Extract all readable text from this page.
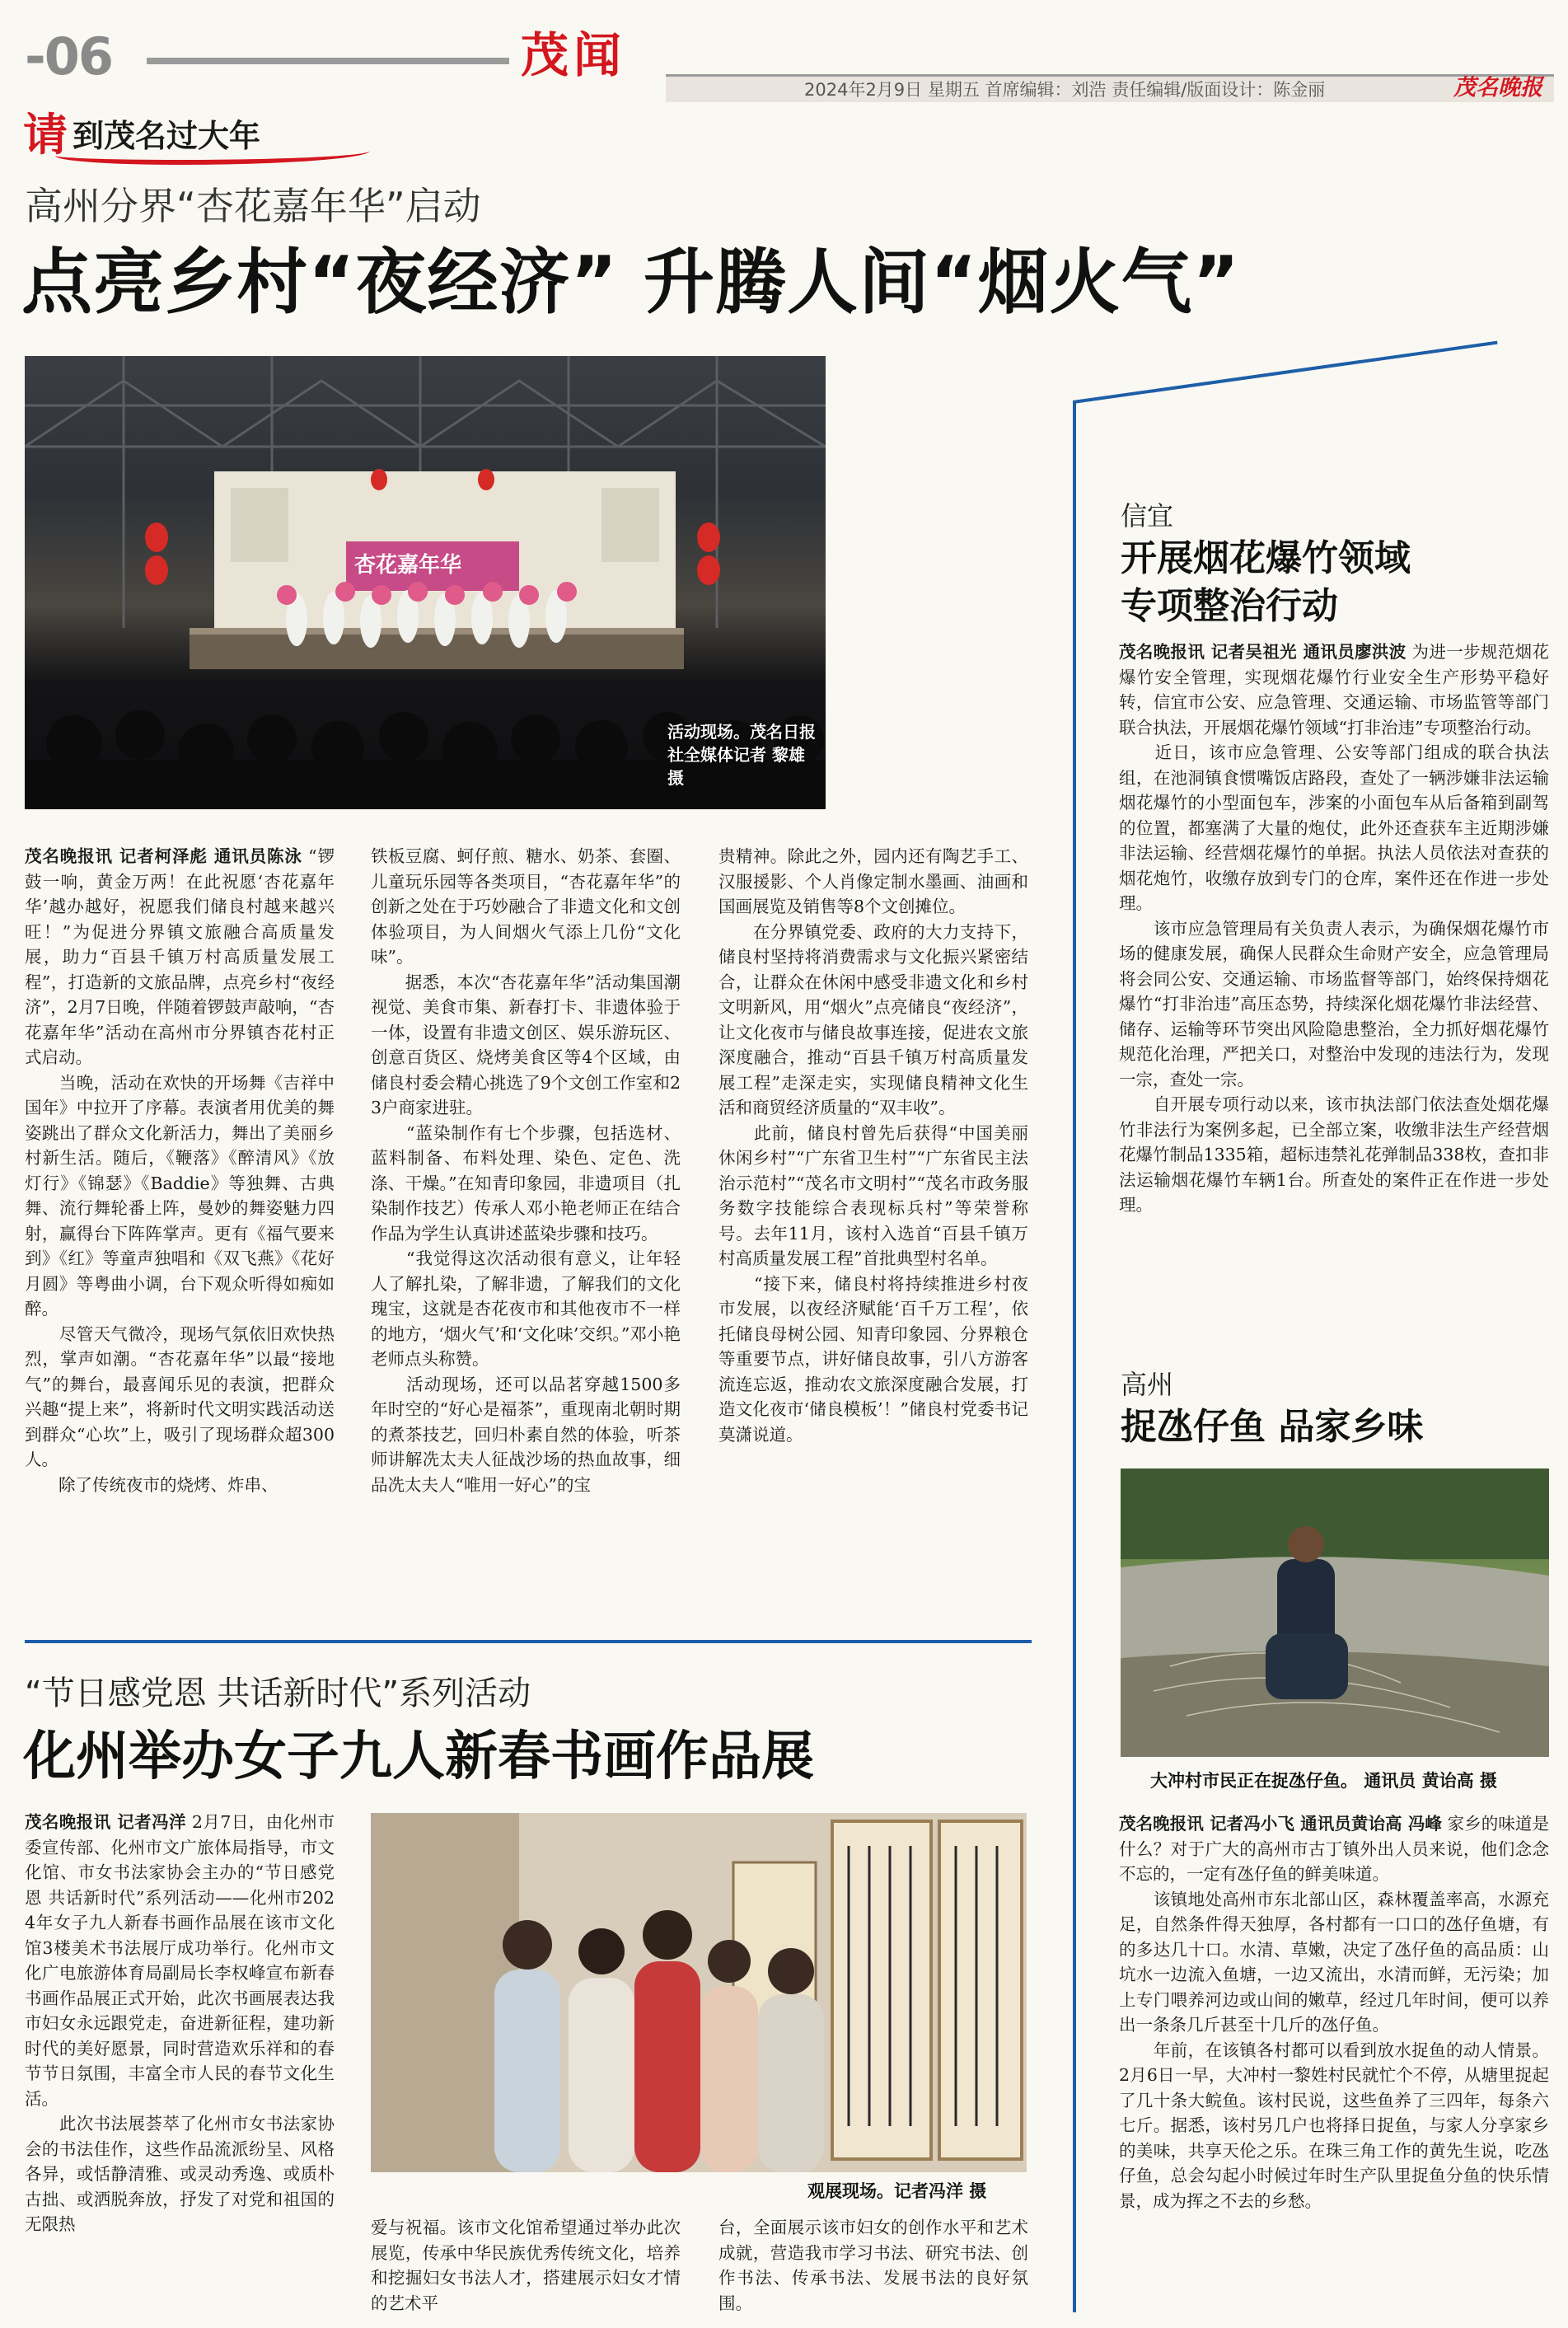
-06	茂闻
2024年2月9日 星期五 首席编辑：刘浩 责任编辑/版面设计：陈金丽	茂名晚报
请 到茂名过大年
高州分界“杏花嘉年华”启动
点亮乡村“夜经济” 升腾人间“烟火气”
杏花嘉年华
活动现场。茂名日报社全媒体记者 黎雄 摄
茂名晚报讯 记者柯泽彪 通讯员陈泳 “锣鼓一响，黄金万两！在此祝愿‘杏花嘉年华’越办越好，祝愿我们储良村越来越兴旺！”为促进分界镇文旅融合高质量发展，助力“百县千镇万村高质量发展工程”，打造新的文旅品牌，点亮乡村“夜经济”，2月7日晚，伴随着锣鼓声敲响，“杏花嘉年华”活动在高州市分界镇杏花村正式启动。
　　当晚，活动在欢快的开场舞《吉祥中国年》中拉开了序幕。表演者用优美的舞姿跳出了群众文化新活力，舞出了美丽乡村新生活。随后，《鞭落》《醉清风》《放灯行》《锦瑟》《Baddie》等独舞、古典舞、流行舞轮番上阵，曼妙的舞姿魅力四射，赢得台下阵阵掌声。更有《福气要来到》《红》等童声独唱和《双飞燕》《花好月圆》等粤曲小调，台下观众听得如痴如醉。
　　尽管天气微冷，现场气氛依旧欢快热烈，掌声如潮。“杏花嘉年华”以最“接地气”的舞台，最喜闻乐见的表演，把群众兴趣“提上来”，将新时代文明实践活动送到群众“心坎”上，吸引了现场群众超300人。
　　除了传统夜市的烧烤、炸串、
铁板豆腐、蚵仔煎、糖水、奶茶、套圈、儿童玩乐园等各类项目，“杏花嘉年华”的创新之处在于巧妙融合了非遗文化和文创体验项目，为人间烟火气添上几份“文化味”。
　　据悉，本次“杏花嘉年华”活动集国潮视觉、美食市集、新春打卡、非遗体验于一体，设置有非遗文创区、娱乐游玩区、创意百货区、烧烤美食区等4个区域，由储良村委会精心挑选了9个文创工作室和23户商家进驻。
　　“蓝染制作有七个步骤，包括选材、蓝料制备、布料处理、染色、定色、洗涤、干燥。”在知青印象园，非遗项目（扎染制作技艺）传承人邓小艳老师正在结合作品为学生认真讲述蓝染步骤和技巧。
　　“我觉得这次活动很有意义，让年轻人了解扎染，了解非遗，了解我们的文化瑰宝，这就是杏花夜市和其他夜市不一样的地方，‘烟火气’和‘文化味’交织。”邓小艳老师点头称赞。
　　活动现场，还可以品茗穿越1500多年时空的“好心是福茶”，重现南北朝时期的煮茶技艺，回归朴素自然的体验，听茶师讲解冼太夫人征战沙场的热血故事，细品冼太夫人“唯用一好心”的宝
贵精神。除此之外，园内还有陶艺手工、汉服援影、个人肖像定制水墨画、油画和国画展览及销售等8个文创摊位。
　　在分界镇党委、政府的大力支持下，储良村坚持将消费需求与文化振兴紧密结合，让群众在休闲中感受非遗文化和乡村文明新风，用“烟火”点亮储良“夜经济”，让文化夜市与储良故事连接，促进农文旅深度融合，推动“百县千镇万村高质量发展工程”走深走实，实现储良精神文化生活和商贸经济质量的“双丰收”。
　　此前，储良村曾先后获得“中国美丽休闲乡村”“广东省卫生村”“广东省民主法治示范村”“茂名市文明村”“茂名市政务服务数字技能综合表现标兵村”等荣誉称号。去年11月，该村入选首“百县千镇万村高质量发展工程”首批典型村名单。
　　“接下来，储良村将持续推进乡村夜市发展，以夜经济赋能‘百千万工程’，依托储良母树公园、知青印象园、分界粮仓等重要节点，讲好储良故事，引八方游客流连忘返，推动农文旅深度融合发展，打造文化夜市‘储良模板’！”储良村党委书记莫潇说道。
信宜
开展烟花爆竹领域
专项整治行动
茂名晚报讯 记者吴祖光 通讯员廖洪波 为进一步规范烟花爆竹安全管理，实现烟花爆竹行业安全生产形势平稳好转，信宜市公安、应急管理、交通运输、市场监管等部门联合执法，开展烟花爆竹领域“打非治违”专项整治行动。
　　近日，该市应急管理、公安等部门组成的联合执法组，在池洞镇食惯嘴饭店路段，查处了一辆涉嫌非法运输烟花爆竹的小型面包车，涉案的小面包车从后备箱到副驾的位置，都塞满了大量的炮仗，此外还查获车主近期涉嫌非法运输、经营烟花爆竹的单据。执法人员依法对查获的烟花炮竹，收缴存放到专门的仓库，案件还在作进一步处理。
　　该市应急管理局有关负责人表示，为确保烟花爆竹市场的健康发展，确保人民群众生命财产安全，应急管理局将会同公安、交通运输、市场监督等部门，始终保持烟花爆竹“打非治违”高压态势，持续深化烟花爆竹非法经营、储存、运输等环节突出风险隐患整治，全力抓好烟花爆竹规范化治理，严把关口，对整治中发现的违法行为，发现一宗，查处一宗。
　　自开展专项行动以来，该市执法部门依法查处烟花爆竹非法行为案例多起，已全部立案，收缴非法生产经营烟花爆竹制品1335箱，超标违禁礼花弹制品338枚，查扣非法运输烟花爆竹车辆1台。所查处的案件正在作进一步处理。
高州
捉氹仔鱼 品家乡味
大冲村市民正在捉氹仔鱼。 通讯员 黄诒高 摄
茂名晚报讯 记者冯小飞 通讯员黄诒高 冯峰 家乡的味道是什么？对于广大的高州市古丁镇外出人员来说，他们念念不忘的，一定有氹仔鱼的鲜美味道。
　　该镇地处高州市东北部山区，森林覆盖率高，水源充足，自然条件得天独厚，各村都有一口口的氹仔鱼塘，有的多达几十口。水清、草嫩，决定了氹仔鱼的高品质：山坑水一边流入鱼塘，一边又流出，水清而鲜，无污染；加上专门喂养河边或山间的嫩草，经过几年时间，便可以养出一条条几斤甚至十几斤的氹仔鱼。
　　年前，在该镇各村都可以看到放水捉鱼的动人情景。2月6日一早，大冲村一黎姓村民就忙个不停，从塘里捉起了几十条大鲩鱼。该村民说，这些鱼养了三四年，每条六七斤。据悉，该村另几户也将择日捉鱼，与家人分享家乡的美味，共享天伦之乐。在珠三角工作的黄先生说，吃氹仔鱼，总会勾起小时候过年时生产队里捉鱼分鱼的快乐情景，成为挥之不去的乡愁。
“节日感党恩 共话新时代”系列活动
化州举办女子九人新春书画作品展
茂名晚报讯 记者冯洋 2月7日，由化州市委宣传部、化州市文广旅体局指导，市文化馆、市女书法家协会主办的“节日感党恩 共话新时代”系列活动——化州市2024年女子九人新春书画作品展在该市文化馆3楼美术书法展厅成功举行。化州市文化广电旅游体育局副局长李权峰宣布新春书画作品展正式开始，此次书画展表达我市妇女永远跟党走，奋进新征程，建功新时代的美好愿景，同时营造欢乐祥和的春节节日氛围，丰富全市人民的春节文化生活。
　　此次书法展荟萃了化州市女书法家协会的书法佳作，这些作品流派纷呈、风格各异，或恬静清雅、或灵动秀逸、或质朴古拙、或洒脱奔放，抒发了对党和祖国的无限热
观展现场。记者冯洋 摄
爱与祝福。该市文化馆希望通过举办此次展览，传承中华民族优秀传统文化，培养和挖掘妇女书法人才，搭建展示妇女才情的艺术平
台，全面展示该市妇女的创作水平和艺术成就，营造我市学习书法、研究书法、创作书法、传承书法、发展书法的良好氛围。
